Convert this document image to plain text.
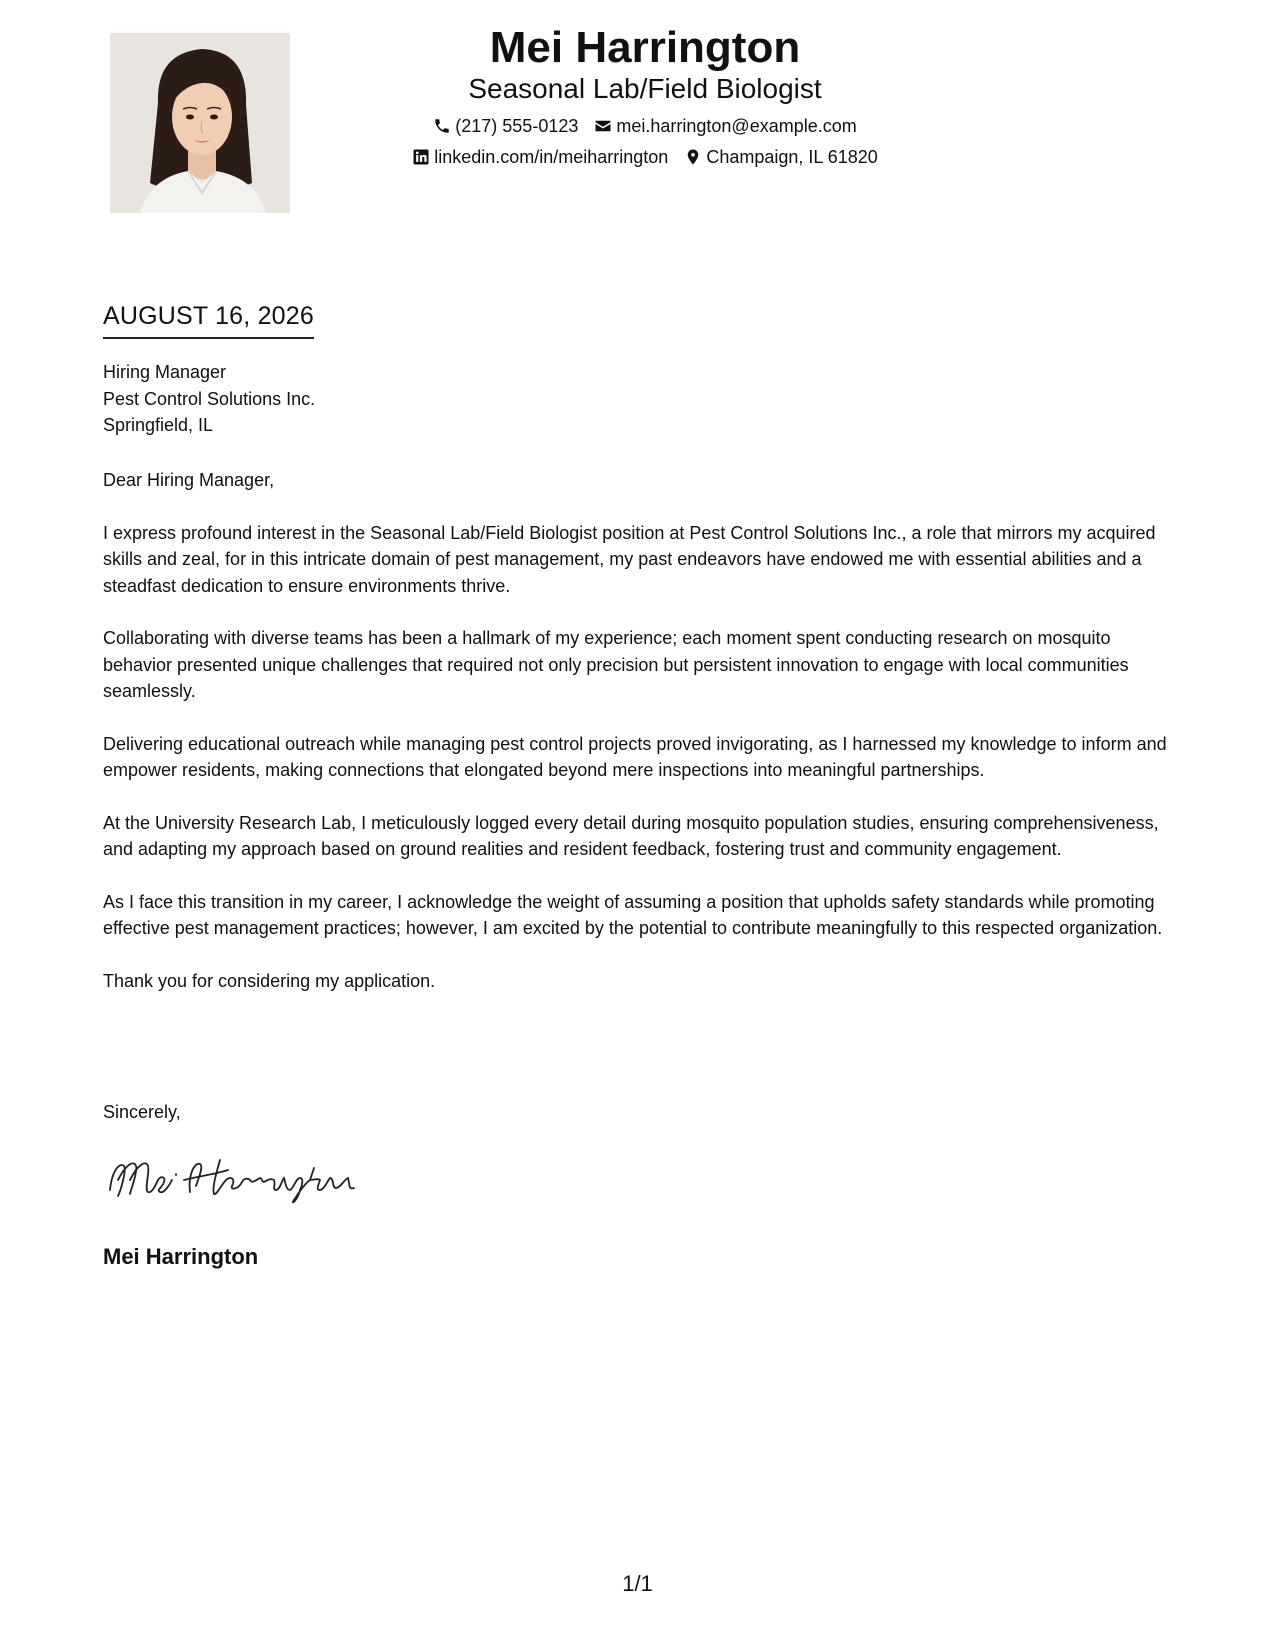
Mei Harrington
Seasonal Lab/Field Biologist
(217) 555-0123 mei.harrington@example.com
linkedin.com/in/meiharrington Champaign, IL 61820
AUGUST 16, 2026
Hiring Manager
Pest Control Solutions Inc.
Springfield, IL

Dear Hiring Manager,

I express profound interest in the Seasonal Lab/Field Biologist position at Pest Control Solutions Inc., a role that mirrors my acquired skills and zeal, for in this intricate domain of pest management, my past endeavors have endowed me with essential abilities and a steadfast dedication to ensure environments thrive.

Collaborating with diverse teams has been a hallmark of my experience; each moment spent conducting research on mosquito behavior presented unique challenges that required not only precision but persistent innovation to engage with local communities seamlessly.

Delivering educational outreach while managing pest control projects proved invigorating, as I harnessed my knowledge to inform and empower residents, making connections that elongated beyond mere inspections into meaningful partnerships.

At the University Research Lab, I meticulously logged every detail during mosquito population studies, ensuring comprehensiveness, and adapting my approach based on ground realities and resident feedback, fostering trust and community engagement.

As I face this transition in my career, I acknowledge the weight of assuming a position that upholds safety standards while promoting effective pest management practices; however, I am excited by the potential to contribute meaningfully to this respected organization.

Thank you for considering my application.

Sincerely,
Mei Harrington
1/1
